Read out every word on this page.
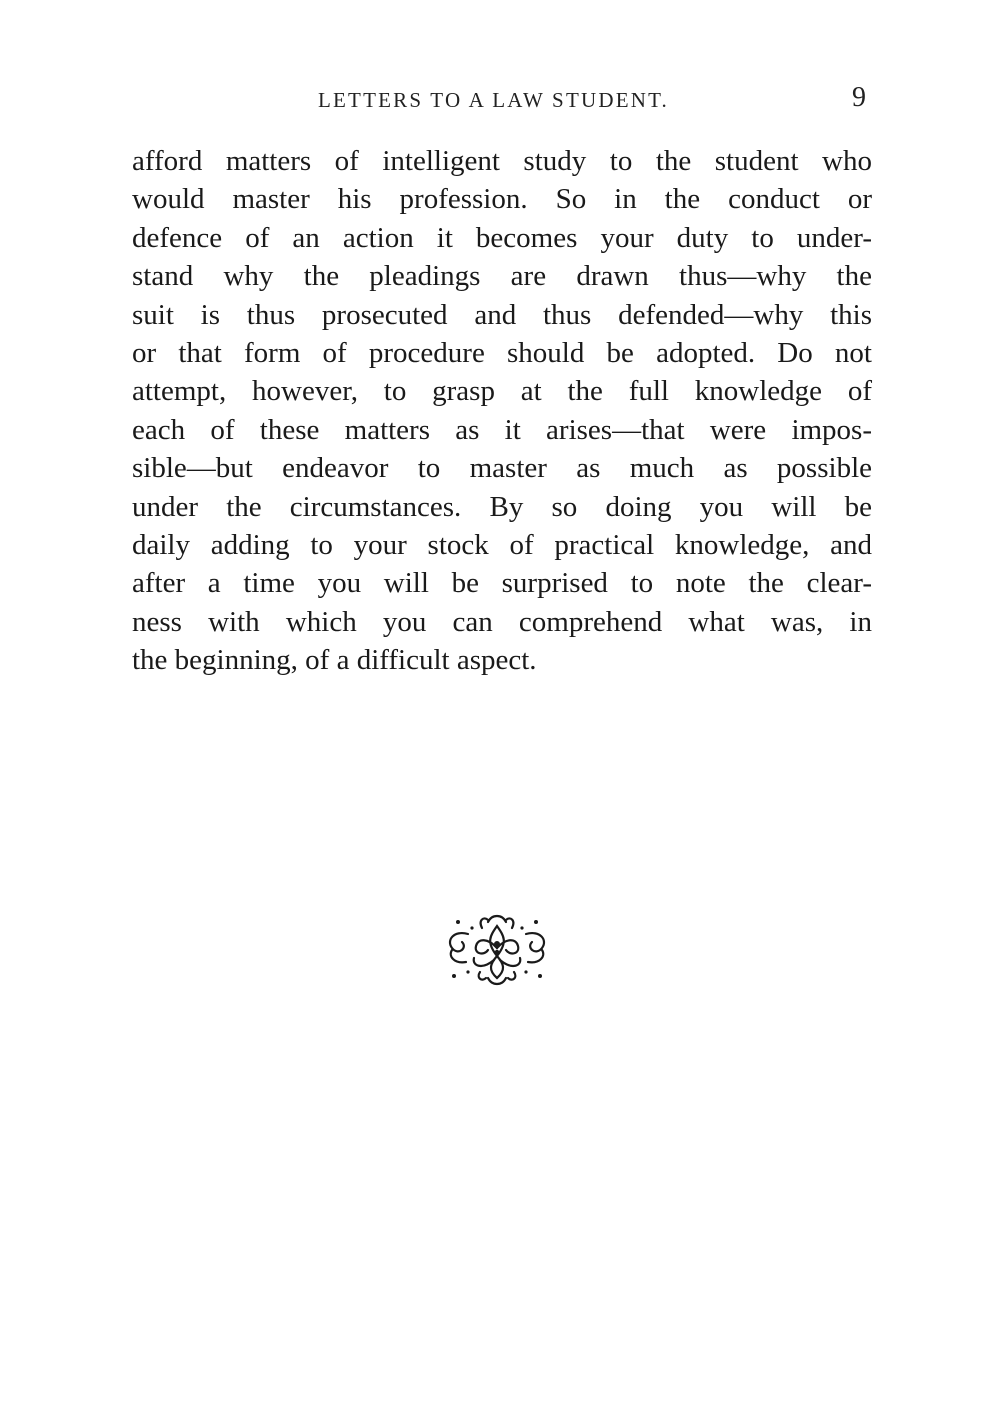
LETTERS TO A LAW STUDENT.	9
afford matters of intelligent study to the student who
would master his profession. So in the conduct or
defence of an action it becomes your duty to under-
stand why the pleadings are drawn thus—why the
suit is thus prosecuted and thus defended—why this
or that form of procedure should be adopted. Do not
attempt, however, to grasp at the full knowledge of
each of these matters as it arises—that were impos-
sible—but endeavor to master as much as possible
under the circumstances. By so doing you will be
daily adding to your stock of practical knowledge, and
after a time you will be surprised to note the clear-
ness with which you can comprehend what was, in
the beginning, of a difficult aspect.
